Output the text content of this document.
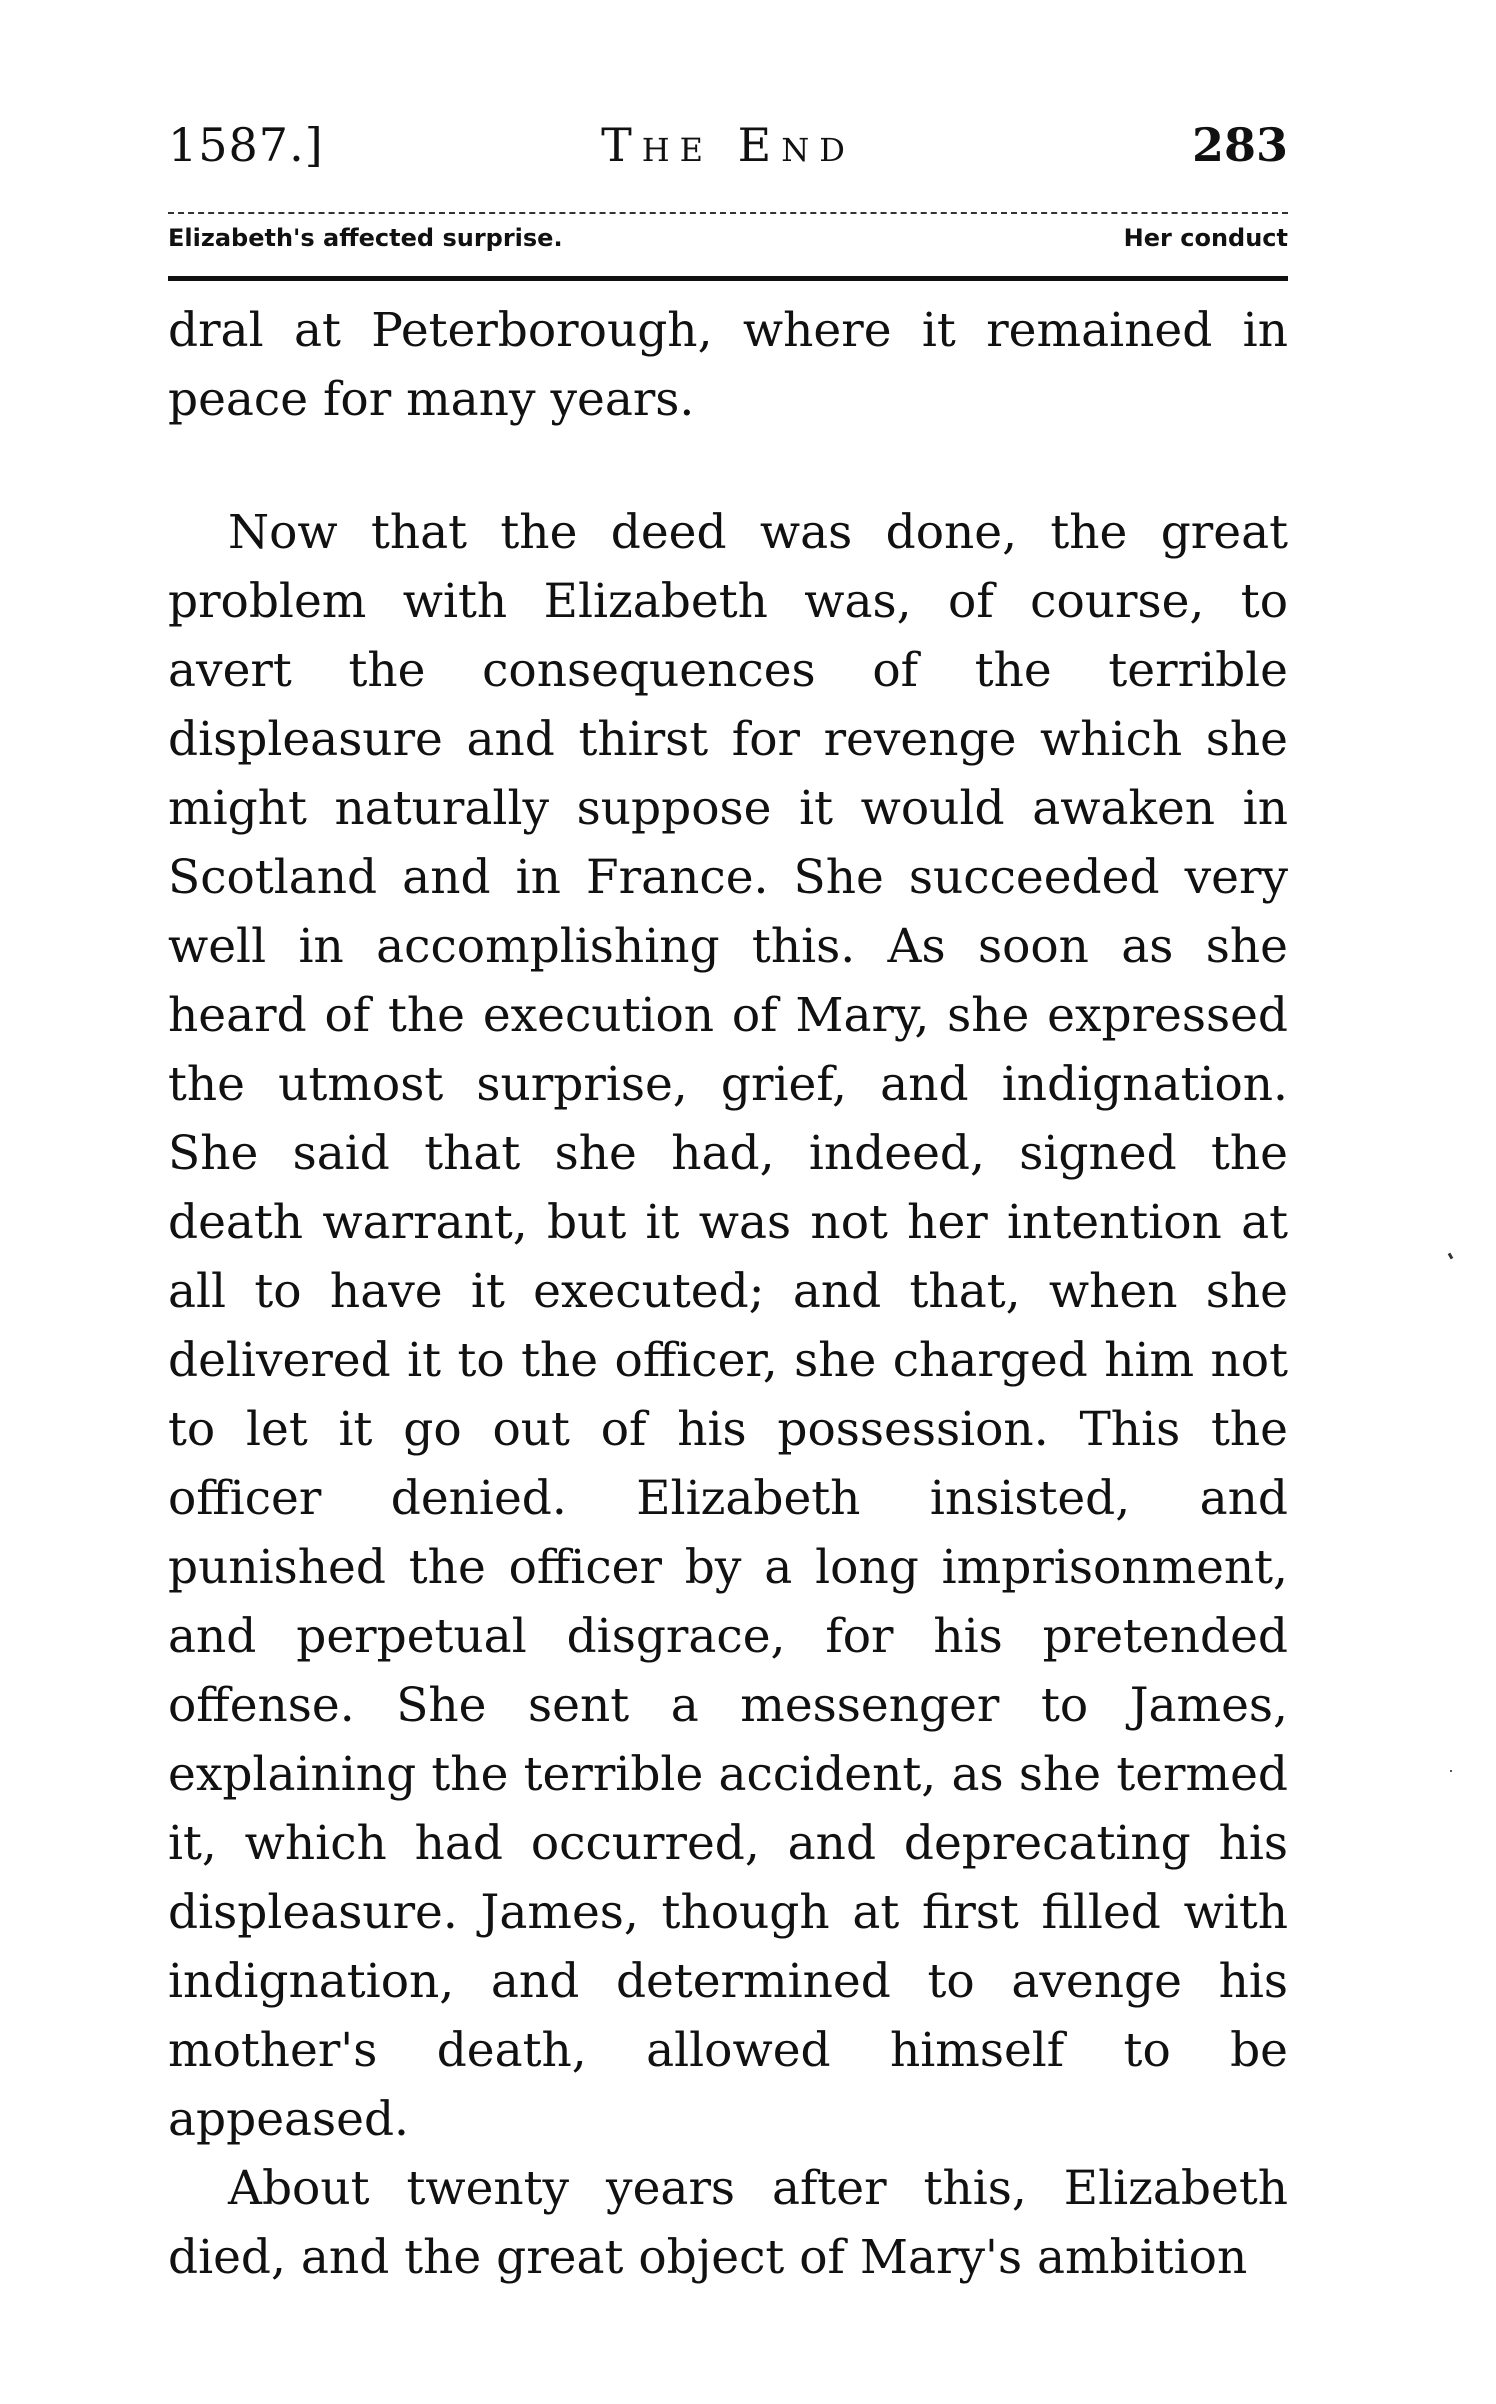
1587.]	The End	283
Elizabeth's affected surprise.	Her conduct

dral at Peterborough, where it remained in peace for many years.

Now that the deed was done, the great problem with Elizabeth was, of course, to avert the consequences of the terrible displeasure and thirst for revenge which she might naturally suppose it would awaken in Scotland and in France. She succeeded very well in accomplishing this. As soon as she heard of the execution of Mary, she expressed the utmost surprise, grief, and indignation. She said that she had, indeed, signed the death warrant, but it was not her intention at all to have it executed; and that, when she delivered it to the officer, she charged him not to let it go out of his possession. This the officer denied. Elizabeth insisted, and punished the officer by a long imprisonment, and perpetual disgrace, for his pretended offense. She sent a messenger to James, explaining the terrible accident, as she termed it, which had occurred, and deprecating his displeasure. James, though at first filled with indignation, and determined to avenge his mother's death, allowed himself to be appeased.

About twenty years after this, Elizabeth died, and the great object of Mary's ambition
